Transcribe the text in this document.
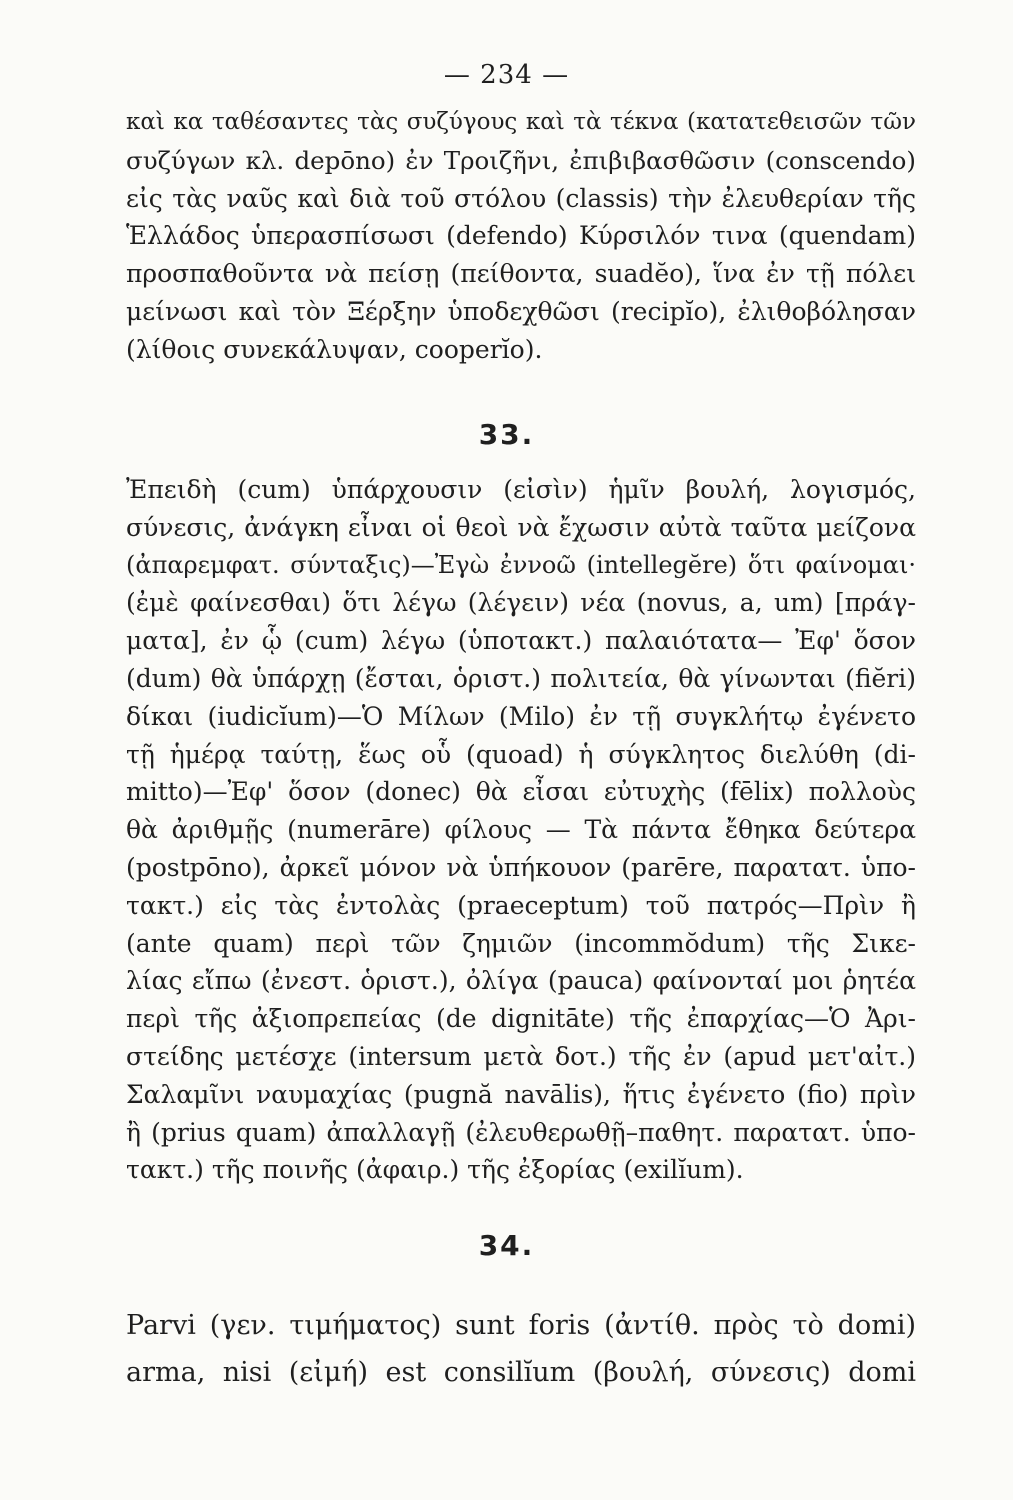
— 234 —
καὶ κα ταθέσαντες τὰς συζύγους καὶ τὰ τέκνα (κατατεθεισῶν τῶν
συζύγων κλ. depōno) ἐν Τροιζῆνι, ἐπιβιβασθῶσιν (conscendo)
εἰς τὰς ναῦς καὶ διὰ τοῦ στόλου (classis) τὴν ἐλευθερίαν τῆς
Ἑλλάδος ὑπερασπίσωσι (defendo) Κύρσιλόν τινα (quendam)
προσπαθοῦντα νὰ πείσῃ (πείθοντα, suadĕo), ἵνα ἐν τῇ πόλει
μείνωσι καὶ τὸν Ξέρξην ὑποδεχθῶσι (recipĭo), ἐλιθοβόλησαν
(λίθοις συνεκάλυψαν, cooperĭo).
33.
Ἐπειδὴ (cum) ὑπάρχουσιν (εἰσὶν) ἡμῖν βουλή, λογισμός,
σύνεσις, ἀνάγκη εἶναι οἱ θεοὶ νὰ ἔχωσιν αὐτὰ ταῦτα μείζονα
(ἀπαρεμφατ. σύνταξις)—Ἐγὼ ἐννοῶ (intellegĕre) ὅτι φαίνομαι·
(ἐμὲ φαίνεσθαι) ὅτι λέγω (λέγειν) νέα (novus, a, um) [πράγ-
ματα], ἐν ᾧ (cum) λέγω (ὑποτακτ.) παλαιότατα— Ἐφ' ὅσον
(dum) θὰ ὑπάρχῃ (ἔσται, ὁριστ.) πολιτεία, θὰ γίνωνται (fiĕri)
δίκαι (iudicĭum)—Ὁ Μίλων (Milo) ἐν τῇ συγκλήτῳ ἐγένετο
τῇ ἡμέρᾳ ταύτῃ, ἕως οὗ (quoad) ἡ σύγκλητος διελύθη (di-
mitto)—Ἐφ' ὅσον (donec) θὰ εἶσαι εὐτυχὴς (fēlix) πολλοὺς
θὰ ἀριθμῇς (numerāre) φίλους — Τὰ πάντα ἔθηκα δεύτερα
(postpōno), ἀρκεῖ μόνον νὰ ὑπήκουον (parēre, παρατατ. ὑπο-
τακτ.) εἰς τὰς ἐντολὰς (praeceptum) τοῦ πατρός—Πρὶν ἢ
(ante quam) περὶ τῶν ζημιῶν (incommŏdum) τῆς Σικε-
λίας εἴπω (ἐνεστ. ὁριστ.), ὀλίγα (pauca) φαίνονταί μοι ῥητέα
περὶ τῆς ἀξιοπρεπείας (de dignitāte) τῆς ἐπαρχίας—Ὁ Ἀρι-
στείδης μετέσχε (intersum μετὰ δοτ.) τῆς ἐν (apud μετ'αἰτ.)
Σαλαμῖνι ναυμαχίας (pugnă navālis), ἥτις ἐγένετο (fio) πρὶν
ἢ (prius quam) ἀπαλλαγῇ (ἐλευθερωθῇ–παθητ. παρατατ. ὑπο-
τακτ.) τῆς ποινῆς (ἀφαιρ.) τῆς ἐξορίας (exilĭum).
34.
Parvi (γεν. τιμήματος) sunt foris (ἀντίθ. πρὸς τὸ domi)
arma, nisi (εἰμή) est consilĭum (βουλή, σύνεσις) domi
